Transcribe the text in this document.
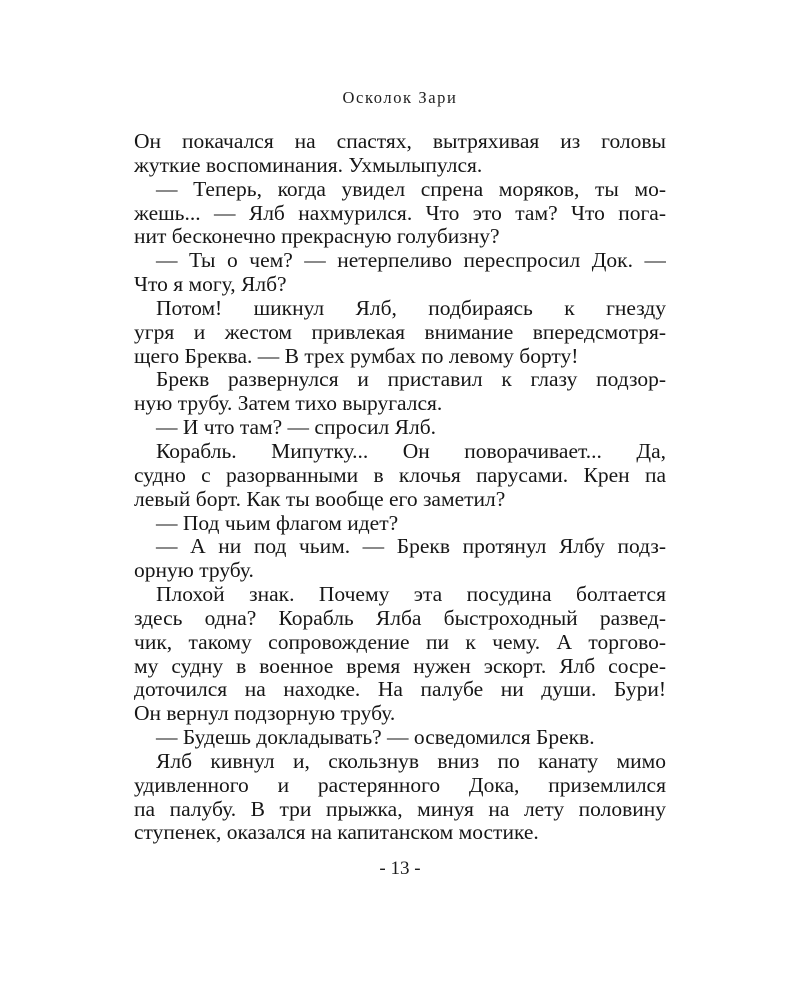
Осколок Зари
Он покачался на спастях, вытряхивая из головы
жуткие воспоминания. Ухмылыпулся.
— Теперь, когда увидел спрена моряков, ты мо-
жешь... — Ялб нахмурился. Что это там? Что пога-
нит бесконечно прекрасную голубизну?
— Ты о чем? — нетерпеливо переспросил Док. —
Что я могу, Ялб?
Потом! шикнул Ялб, подбираясь к гнезду
угря и жестом привлекая внимание впередсмотря-
щего Бреква. — В трех румбах по левому борту!
Брекв развернулся и приставил к глазу подзор-
ную трубу. Затем тихо выругался.
— И что там? — спросил Ялб.
Корабль. Мипутку... Он поворачивает... Да,
судно с разорванными в клочья парусами. Крен па
левый борт. Как ты вообще его заметил?
— Под чьим флагом идет?
— А ни под чьим. — Брекв протянул Ялбу подз-
орную трубу.
Плохой знак. Почему эта посудина болтается
здесь одна? Корабль Ялба быстроходный развед-
чик, такому сопровождение пи к чему. А торгово-
му судну в военное время нужен эскорт. Ялб сосре-
доточился на находке. На палубе ни души. Бури!
Он вернул подзорную трубу.
— Будешь докладывать? — осведомился Брекв.
Ялб кивнул и, скользнув вниз по канату мимо
удивленного и растерянного Дока, приземлился
па палубу. В три прыжка, минуя на лету половину
ступенек, оказался на капитанском мостике.
- 13 -
